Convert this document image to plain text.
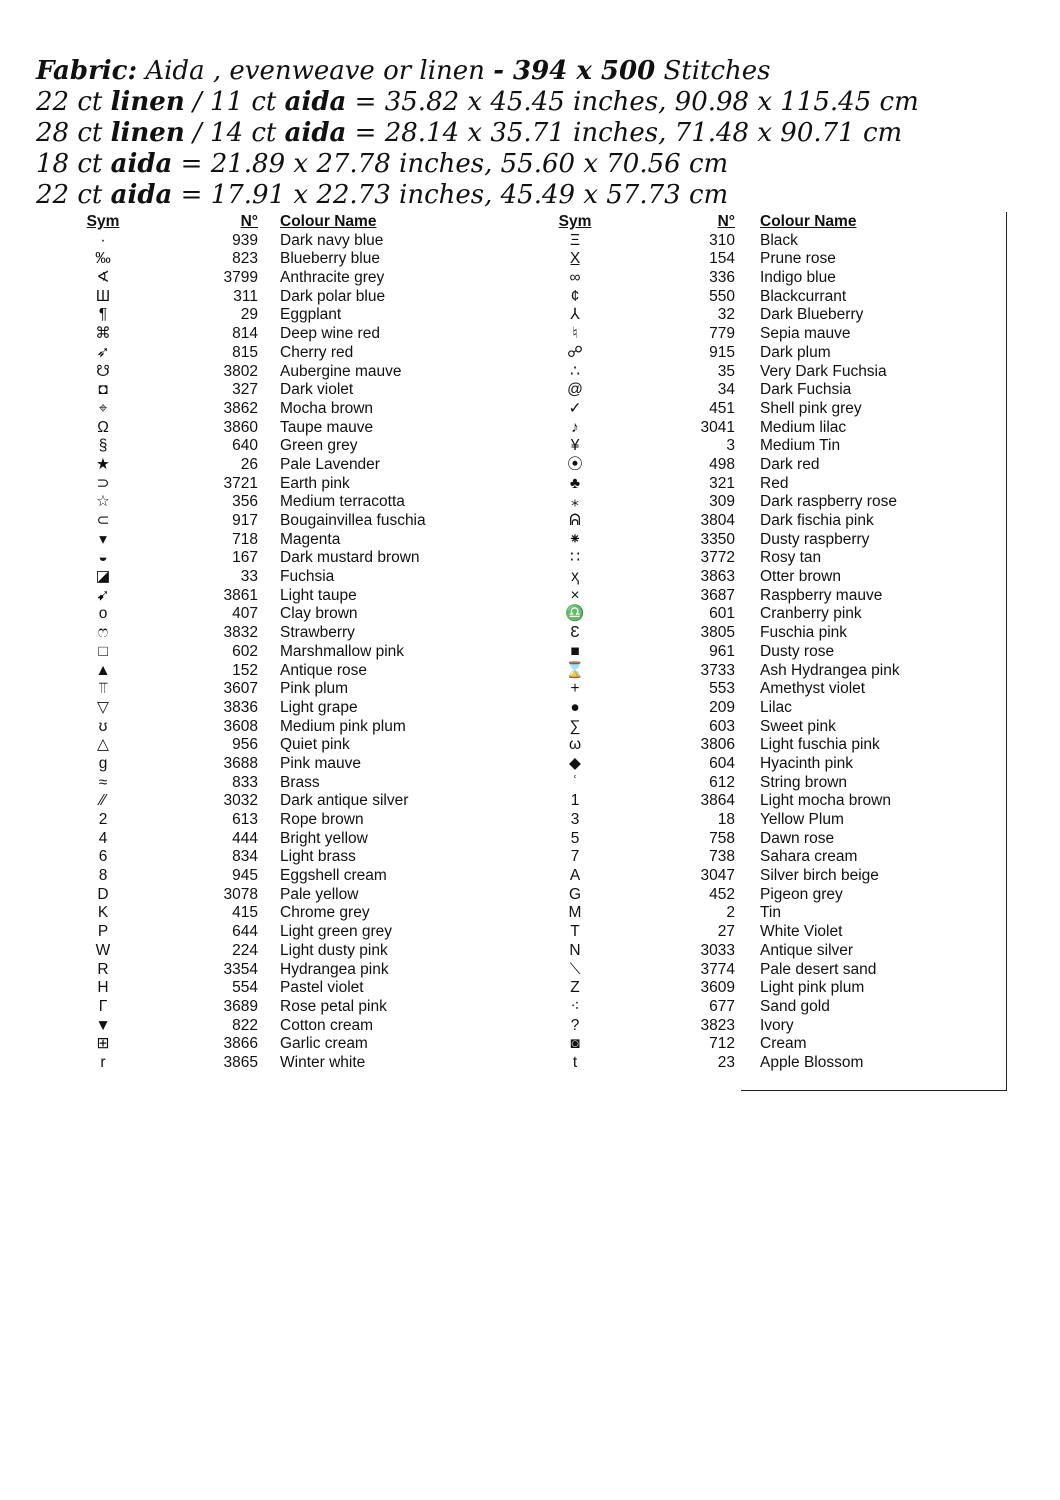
Fabric: Aida , evenweave or linen - 394 x 500 Stitches
22 ct linen / 11 ct aida = 35.82 x 45.45 inches, 90.98 x 115.45 cm
28 ct linen / 14 ct aida = 28.14 x 35.71 inches, 71.48 x 90.71 cm
18 ct aida = 21.89 x 27.78 inches, 55.60 x 70.56 cm
22 ct aida = 17.91 x 22.73 inches, 45.49 x 57.73 cm
Sym	N° Colour Name
·	939 Dark navy blue
‰	823 Blueberry blue
∢	3799 Anthracite grey
Ш	311 Dark polar blue
¶	29 Eggplant
⌘	814 Deep wine red
➶	815 Cherry red
☋	3802 Aubergine mauve
◘	327 Dark violet
⌖	3862 Mocha brown
Ω	3860 Taupe mauve
§	640 Green grey
★	26 Pale Lavender
⊃	3721 Earth pink
☆	356 Medium terracotta
⊂	917 Bougainvillea fuschia
▾	718 Magenta
◒	167 Dark mustard brown
◪	33 Fuchsia
➹	3861 Light taupe
o	407 Clay brown
ෆ	3832 Strawberry
□	602 Marshmallow pink
▲	152 Antique rose
⫪	3607 Pink plum
▽	3836 Light grape
ʊ	3608 Medium pink plum
△	956 Quiet pink
g	3688 Pink mauve
≈	833 Brass
⁄⁄	3032 Dark antique silver
2	613 Rope brown
4	444 Bright yellow
6	834 Light brass
8	945 Eggshell cream
D	3078 Pale yellow
K	415 Chrome grey
P	644 Light green grey
W	224 Light dusty pink
R	3354 Hydrangea pink
H	554 Pastel violet
Γ	3689 Rose petal pink
▼	822 Cotton cream
⊞	3866 Garlic cream
r	3865 Winter white
Sym	N° Colour Name
Ξ	310 Black
X̲	154 Prune rose
∞	336 Indigo blue
¢	550 Blackcurrant
⅄	32 Dark Blueberry
♮	779 Sepia mauve
☍	915 Dark plum
∴	35 Very Dark Fuchsia
@	34 Dark Fuchsia
✓	451 Shell pink grey
♪	3041 Medium lilac
¥	3 Medium Tin
⦿	498 Dark red
♣	321 Red
⁎	309 Dark raspberry rose
ᕱ	3804 Dark fischia pink
⁕	3350 Dusty raspberry
∷	3772 Rosy tan
ҳ	3863 Otter brown
×	3687 Raspberry mauve
♎	601 Cranberry pink
Ɛ	3805 Fuschia pink
■	961 Dusty rose
⌛	3733 Ash Hydrangea pink
+	553 Amethyst violet
●	209 Lilac
∑	603 Sweet pink
ω	3806 Light fuschia pink
◆	604 Hyacinth pink
ʿ	612 String brown
1	3864 Light mocha brown
3	18 Yellow Plum
5	758 Dawn rose
7	738 Sahara cream
A	3047 Silver birch beige
G	452 Pigeon grey
M	2 Tin
T	27 White Violet
N	3033 Antique silver
⟍	3774 Pale desert sand
Z	3609 Light pink plum
⁖	677 Sand gold
?	3823 Ivory
◙	712 Cream
t	23 Apple Blossom
